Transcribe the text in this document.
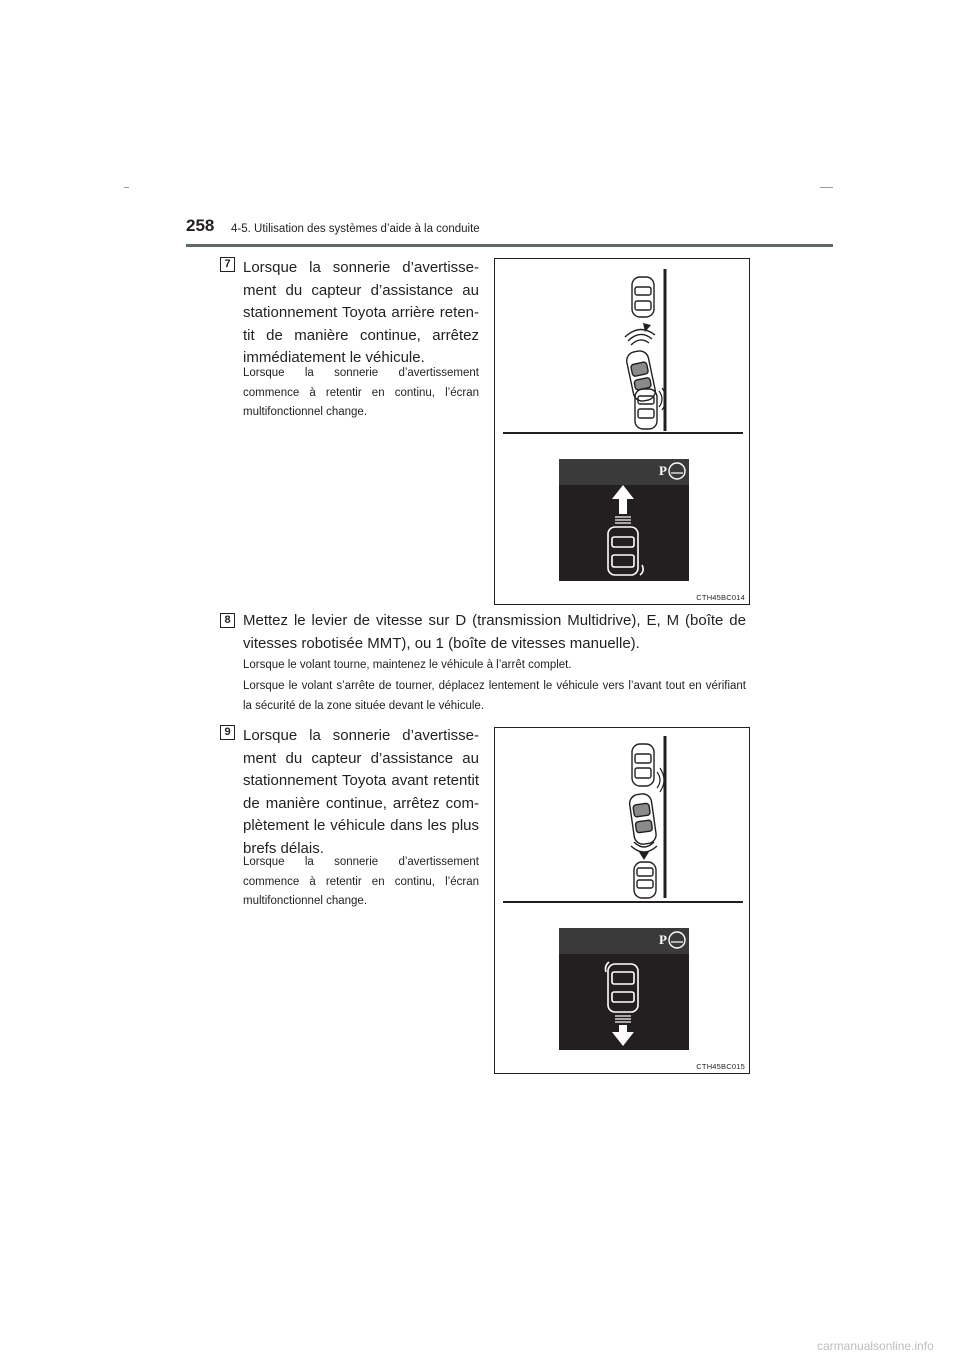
258 4-5. Utilisation des systèmes d’aide à la conduite
7 Lorsque la sonnerie d’avertisse-ment du capteur d’assistance au stationnement Toyota arrière reten-tit de manière continue, arrêtez immédiatement le véhicule.

Lorsque la sonnerie d’avertissement commence à retentir en continu, l’écran multifonctionnel change.

P
CTH45BC014
8 Mettez le levier de vitesse sur D (transmission Multidrive), E, M (boîte de vitesses robotisée MMT), ou 1 (boîte de vitesses manuelle).

Lorsque le volant tourne, maintenez le véhicule à l’arrêt complet.

Lorsque le volant s’arrête de tourner, déplacez lentement le véhicule vers l’avant tout en vérifiant la sécurité de la zone située devant le véhicule.

9 Lorsque la sonnerie d’avertisse-ment du capteur d’assistance au stationnement Toyota avant retentit de manière continue, arrêtez com-plètement le véhicule dans les plus brefs délais.

Lorsque la sonnerie d’avertissement commence à retentir en continu, l’écran multifonctionnel change.

P
CTH45BC015
carmanualsonline.info
